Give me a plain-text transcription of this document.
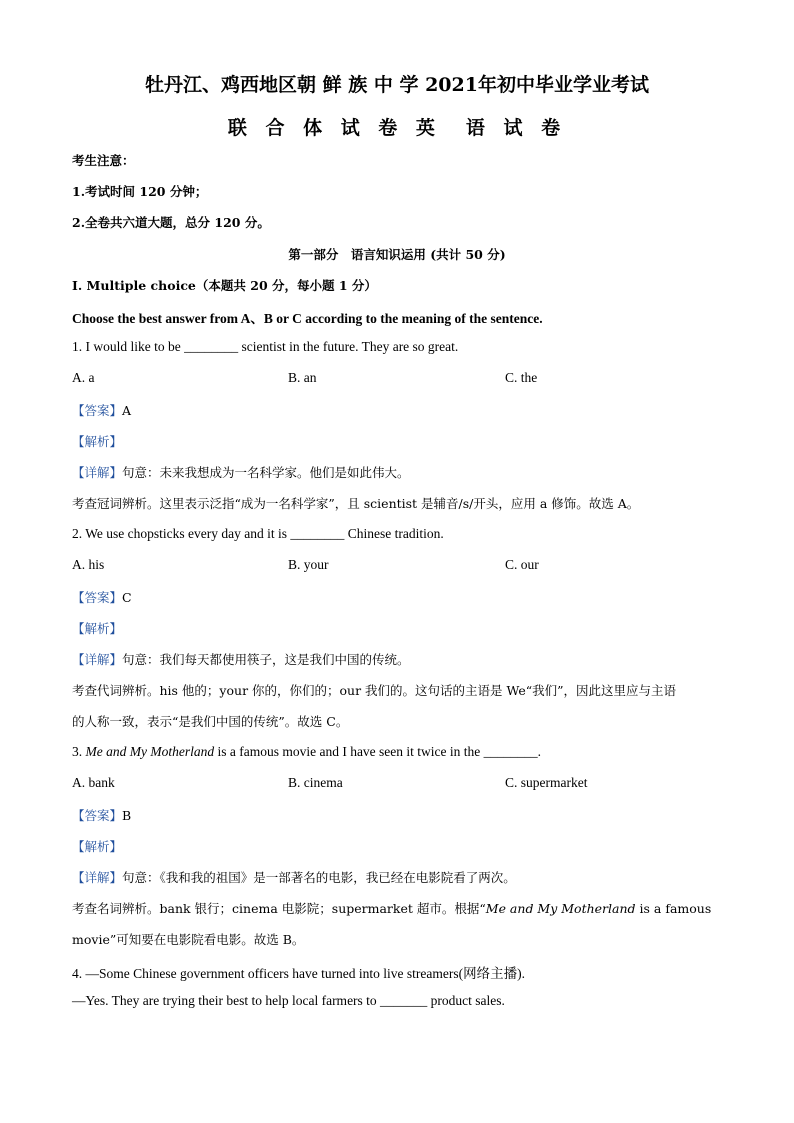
牡丹江、鸡西地区朝 鲜 族 中 学 2021年初中毕业学业考试
联 合 体 试 卷 英　语 试 卷
考生注意：
1.考试时间 120 分钟；
2.全卷共六道大题，总分 120 分。
第一部分　语言知识运用 (共计 50 分)
I. Multiple choice（本题共 20 分，每小题 1 分）
Choose the best answer from A、B or C according to the meaning of the sentence.
1. I would like to be ________ scientist in the future. They are so great.
A. a	B. an	C. the
【答案】A
【解析】
【详解】句意：未来我想成为一名科学家。他们是如此伟大。
考查冠词辨析。这里表示泛指“成为一名科学家”，且 scientist 是辅音/s/开头，应用 a 修饰。故选 A。
2. We use chopsticks every day and it is ________ Chinese tradition.
A. his	B. your	C. our
【答案】C
【解析】
【详解】句意：我们每天都使用筷子，这是我们中国的传统。
考查代词辨析。his 他的；your 你的，你们的；our 我们的。这句话的主语是 We“我们”，因此这里应与主语
的人称一致，表示“是我们中国的传统”。故选 C。
3. Me and My Motherland is a famous movie and I have seen it twice in the ________.
A. bank	B. cinema	C. supermarket
【答案】B
【解析】
【详解】句意：《我和我的祖国》是一部著名的电影，我已经在电影院看了两次。
考查名词辨析。bank 银行；cinema 电影院；supermarket 超市。根据“Me and My Motherland is a famous
movie”可知要在电影院看电影。故选 B。
4. —Some Chinese government officers have turned into live streamers(网络主播).
—Yes. They are trying their best to help local farmers to _______ product sales.
